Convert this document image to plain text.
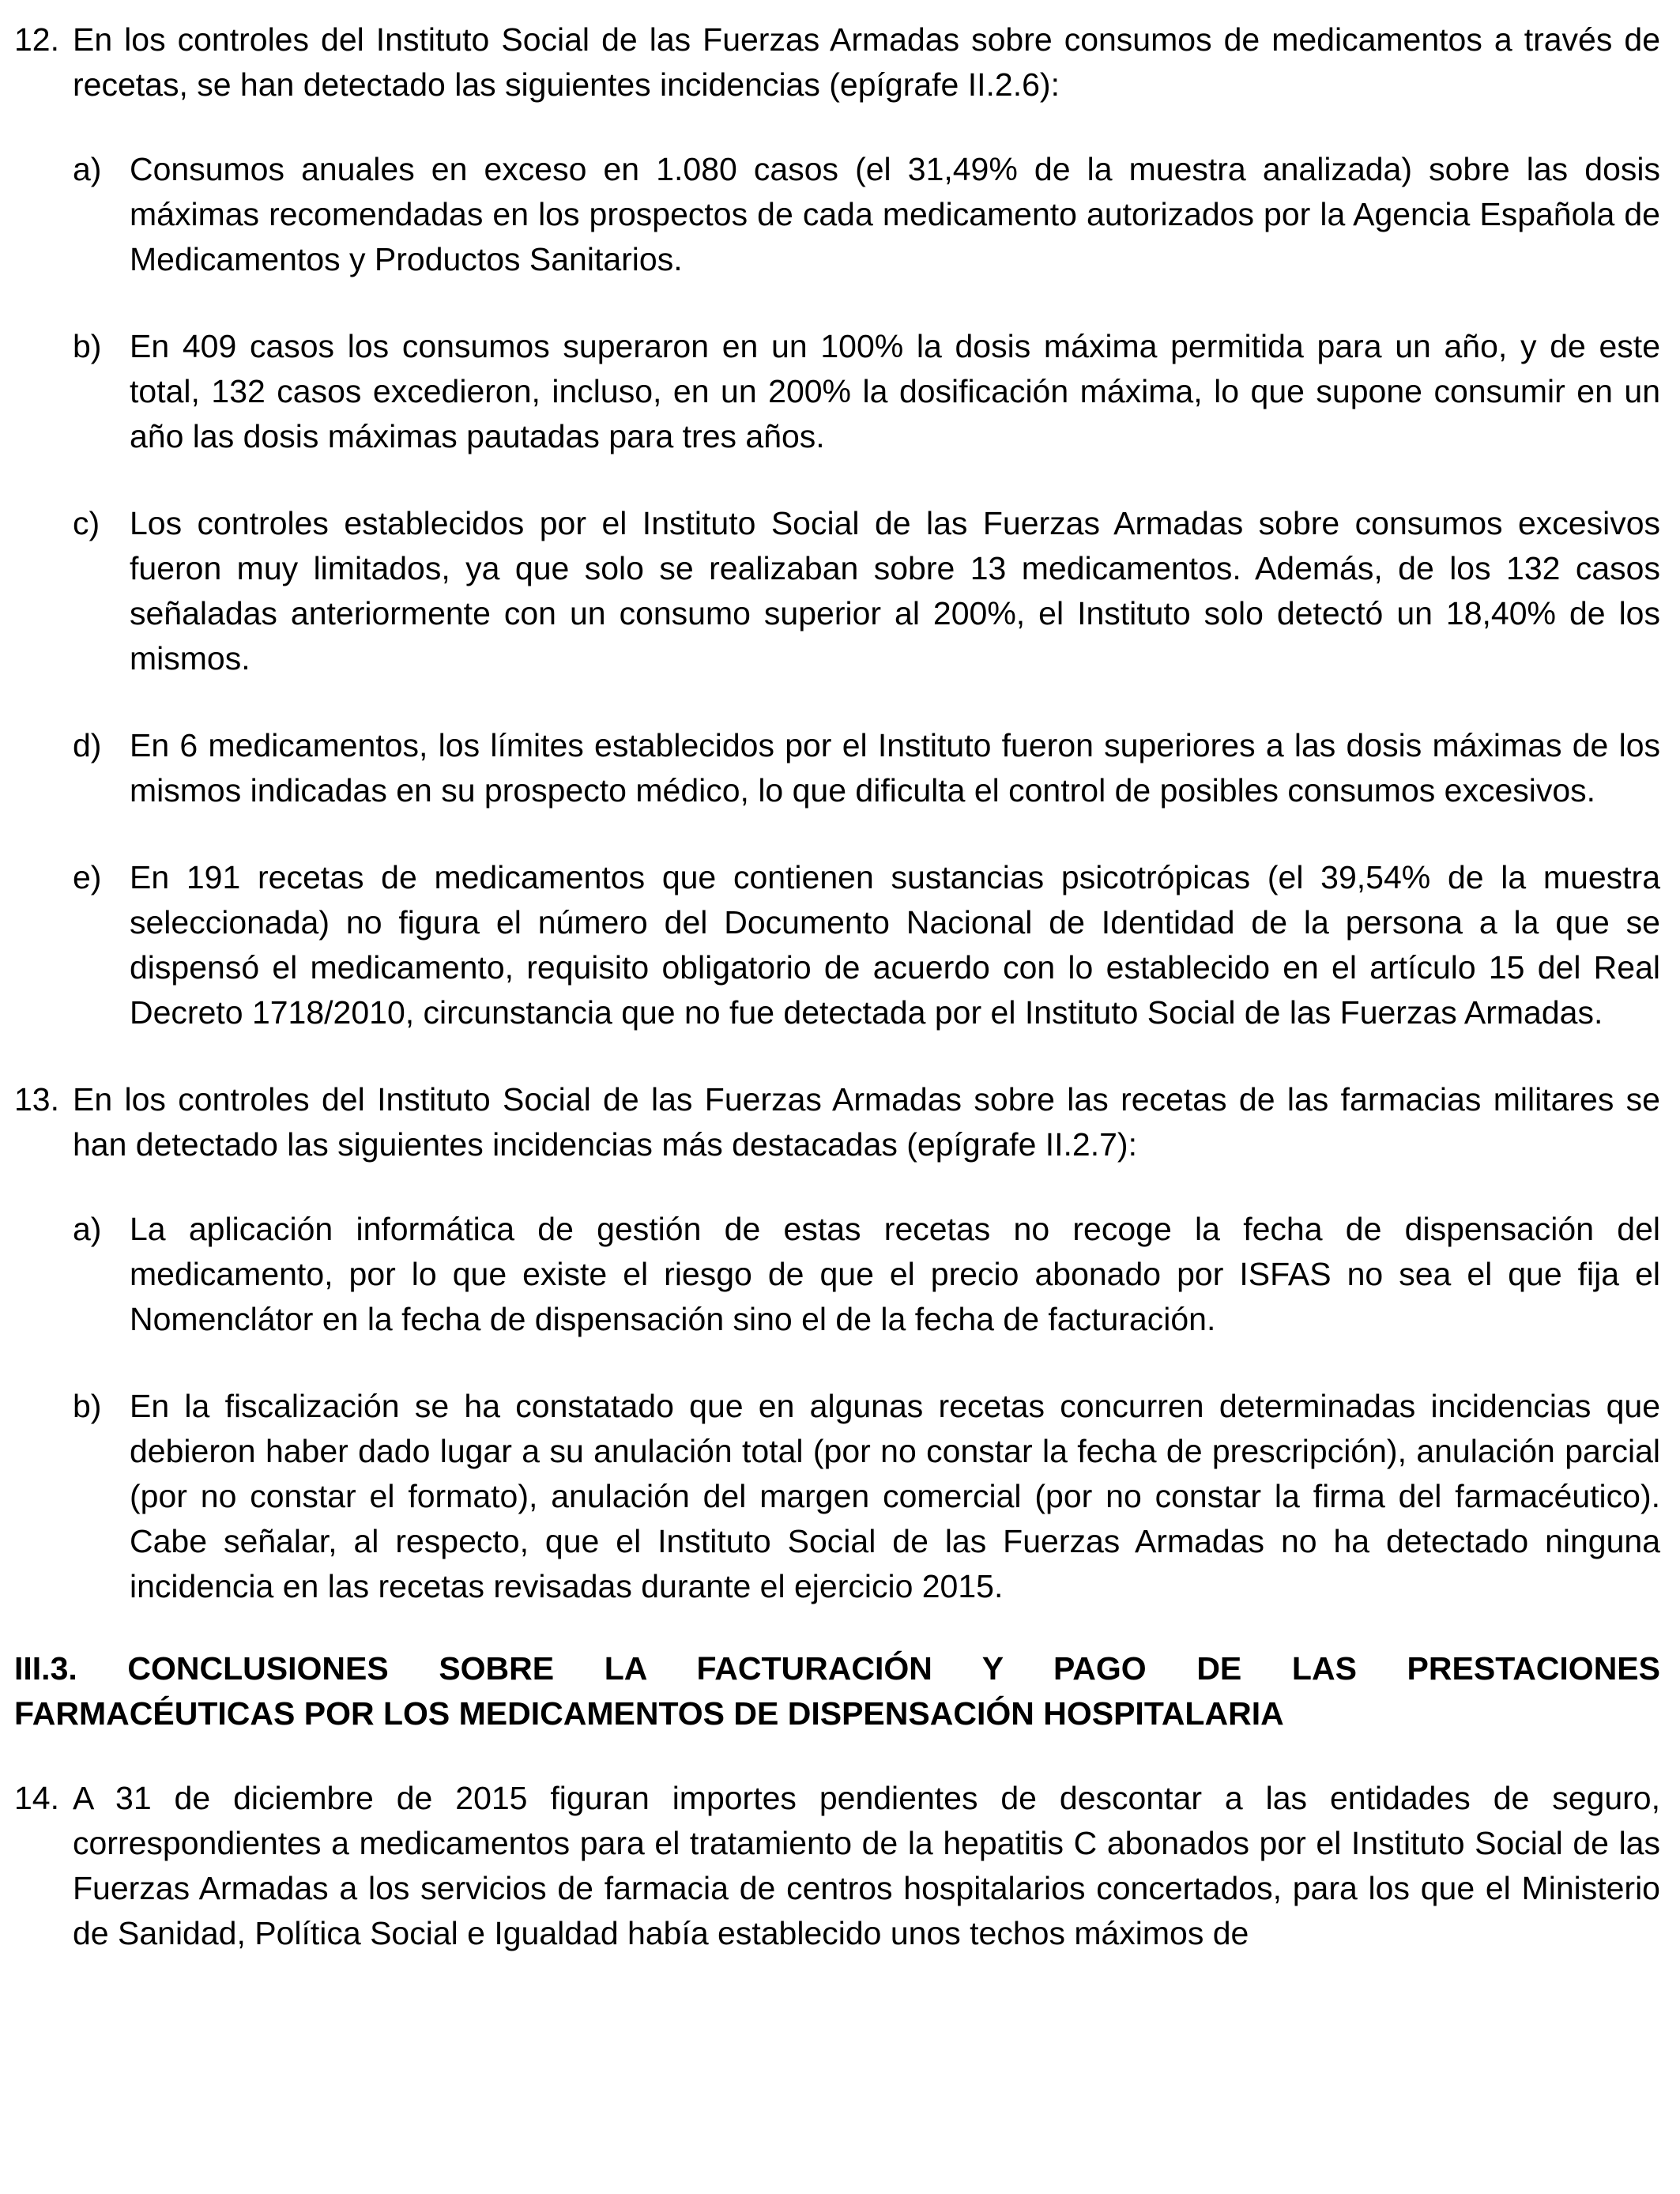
12. En los controles del Instituto Social de las Fuerzas Armadas sobre consumos de medicamentos a través de recetas, se han detectado las siguientes incidencias (epígrafe II.2.6):
a) Consumos anuales en exceso en 1.080 casos (el 31,49% de la muestra analizada) sobre las dosis máximas recomendadas en los prospectos de cada medicamento autorizados por la Agencia Española de Medicamentos y Productos Sanitarios.
b) En 409 casos los consumos superaron en un 100% la dosis máxima permitida para un año, y de este total, 132 casos excedieron, incluso, en un 200% la dosificación máxima, lo que supone consumir en un año las dosis máximas pautadas para tres años.
c) Los controles establecidos por el Instituto Social de las Fuerzas Armadas sobre consumos excesivos fueron muy limitados, ya que solo se realizaban sobre 13 medicamentos. Además, de los 132 casos señaladas anteriormente con un consumo superior al 200%, el Instituto solo detectó un 18,40% de los mismos.
d) En 6 medicamentos, los límites establecidos por el Instituto fueron superiores a las dosis máximas de los mismos indicadas en su prospecto médico, lo que dificulta el control de posibles consumos excesivos.
e) En 191 recetas de medicamentos que contienen sustancias psicotrópicas (el 39,54% de la muestra seleccionada) no figura el número del Documento Nacional de Identidad de la persona a la que se dispensó el medicamento, requisito obligatorio de acuerdo con lo establecido en el artículo 15 del Real Decreto 1718/2010, circunstancia que no fue detectada por el Instituto Social de las Fuerzas Armadas.
13. En los controles del Instituto Social de las Fuerzas Armadas sobre las recetas de las farmacias militares se han detectado las siguientes incidencias más destacadas (epígrafe II.2.7):
a) La aplicación informática de gestión de estas recetas no recoge la fecha de dispensación del medicamento, por lo que existe el riesgo de que el precio abonado por ISFAS no sea el que fija el Nomenclátor en la fecha de dispensación sino el de la fecha de facturación.
b) En la fiscalización se ha constatado que en algunas recetas concurren determinadas incidencias que debieron haber dado lugar a su anulación total (por no constar la fecha de prescripción), anulación parcial (por no constar el formato), anulación del margen comercial (por no constar la firma del farmacéutico). Cabe señalar, al respecto, que el Instituto Social de las Fuerzas Armadas no ha detectado ninguna incidencia en las recetas revisadas durante el ejercicio 2015.
III.3. CONCLUSIONES SOBRE LA FACTURACIÓN Y PAGO DE LAS PRESTACIONES
FARMACÉUTICAS POR LOS MEDICAMENTOS DE DISPENSACIÓN HOSPITALARIA
14. A 31 de diciembre de 2015 figuran importes pendientes de descontar a las entidades de seguro, correspondientes a medicamentos para el tratamiento de la hepatitis C abonados por el Instituto Social de las Fuerzas Armadas a los servicios de farmacia de centros hospitalarios concertados, para los que el Ministerio de Sanidad, Política Social e Igualdad había establecido unos techos máximos de
